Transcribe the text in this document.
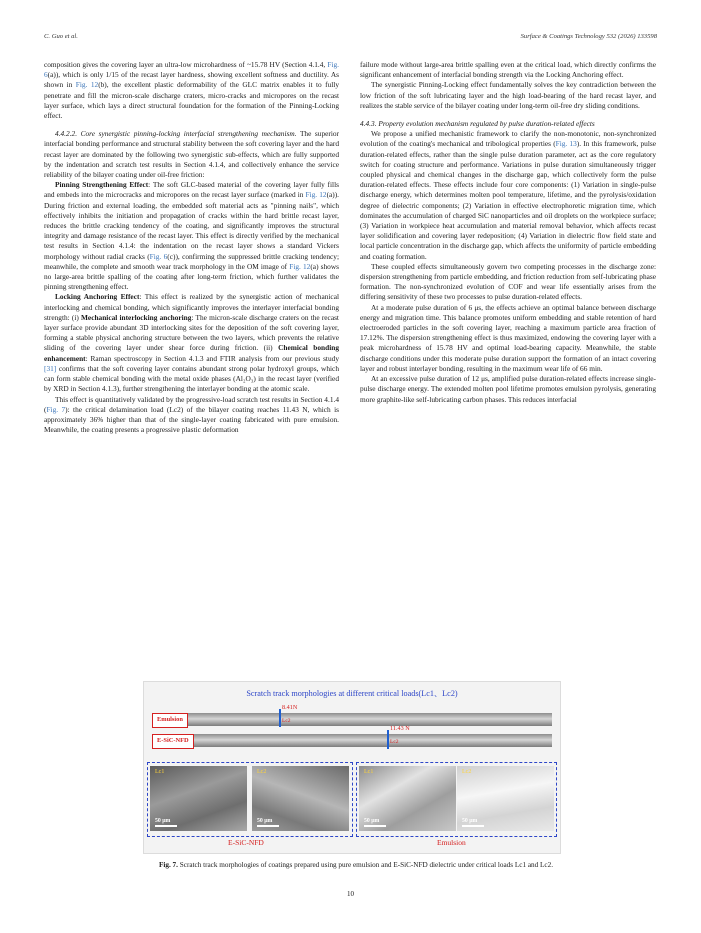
C. Guo et al.	Surface & Coatings Technology 532 (2026) 133598

composition gives the covering layer an ultra-low microhardness of ~15.78 HV (Section 4.1.4, Fig. 6(a)), which is only 1/15 of the recast layer hardness, showing excellent softness and ductility. As shown in Fig. 12(b), the excellent plastic deformability of the GLC matrix enables it to fully penetrate and fill the micron-scale discharge craters, micro-cracks and micropores on the recast layer surface, which lays a direct structural foundation for the formation of the Pinning-Locking effect.

4.4.2.2. Core synergistic pinning-locking interfacial strengthening mechanism. The superior interfacial bonding performance and structural stability between the soft covering layer and the hard recast layer are dominated by the following two synergistic sub-effects, which are fully supported by the indentation and scratch test results in Section 4.1.4, and collectively enhance the service reliability of the bilayer coating under oil-free friction:

Pinning Strengthening Effect: The soft GLC-based material of the covering layer fully fills and embeds into the microcracks and micropores on the recast layer surface (marked in Fig. 12(a)). During friction and external loading, the embedded soft material acts as "pinning nails", which effectively inhibits the initiation and propagation of cracks within the hard brittle recast layer, reduces the brittle cracking tendency of the coating, and significantly improves the structural integrity and damage resistance of the recast layer. This effect is directly verified by the mechanical test results in Section 4.1.4: the indentation on the recast layer shows a standard Vickers morphology without radial cracks (Fig. 6(c)), confirming the suppressed brittle cracking tendency; meanwhile, the complete and smooth wear track morphology in the OM image of Fig. 12(a) shows no large-area brittle spalling of the coating after long-term friction, which further validates the pinning strengthening effect.

Locking Anchoring Effect: This effect is realized by the synergistic action of mechanical interlocking and chemical bonding, which significantly improves the interlayer interfacial bonding strength: (i) Mechanical interlocking anchoring: The micron-scale discharge craters on the recast layer surface provide abundant 3D interlocking sites for the deposition of the soft covering layer, forming a stable physical anchoring structure between the two layers, which prevents the relative sliding of the covering layer under shear force during friction. (ii) Chemical bonding enhancement: Raman spectroscopy in Section 4.1.3 and FTIR analysis from our previous study [31] confirms that the soft covering layer contains abundant strong polar hydroxyl groups, which can form stable chemical bonding with the metal oxide phases (Al₂O₃) in the recast layer (verified by XRD in Section 4.1.3), further strengthening the interlayer bonding at the atomic scale.

This effect is quantitatively validated by the progressive-load scratch test results in Section 4.1.4 (Fig. 7): the critical delamination load (Lc2) of the bilayer coating reaches 11.43 N, which is approximately 36% higher than that of the single-layer coating fabricated with pure emulsion. Meanwhile, the coating presents a progressive plastic deformation

failure mode without large-area brittle spalling even at the critical load, which directly confirms the significant enhancement of interfacial bonding strength via the Locking Anchoring effect.

The synergistic Pinning-Locking effect fundamentally solves the key contradiction between the low friction of the soft lubricating layer and the high load-bearing of the hard recast layer, and realizes the stable service of the bilayer coating under long-term oil-free dry sliding conditions.

4.4.3. Property evolution mechanism regulated by pulse duration-related effects

We propose a unified mechanistic framework to clarify the non-monotonic, non-synchronized evolution of the coating's mechanical and tribological properties (Fig. 13). In this framework, pulse duration-related effects, rather than the single pulse duration parameter, act as the core regulatory switch for coating structure and performance. Variations in pulse duration simultaneously trigger coupled physical and chemical changes in the discharge gap, which collectively form the pulse duration-related effects. These effects include four core components: (1) Variation in single-pulse discharge energy, which determines molten pool temperature, lifetime, and the pyrolysis/oxidation degree of dielectric components; (2) Variation in effective electrophoretic migration time, which dominates the accumulation of charged SiC nanoparticles and oil droplets on the workpiece surface; (3) Variation in workpiece heat accumulation and material removal behavior, which affects recast layer solidification and covering layer redeposition; (4) Variation in dielectric flow field state and local particle concentration in the discharge gap, which affects the uniformity of particle embedding and coating formation.

These coupled effects simultaneously govern two competing processes in the discharge zone: dispersion strengthening from particle embedding, and friction reduction from self-lubricating phase formation. The non-synchronized evolution of COF and wear life essentially arises from the differing sensitivity of these two processes to pulse duration-related effects.

At a moderate pulse duration of 6 μs, the effects achieve an optimal balance between discharge energy and migration time. This balance promotes uniform embedding and stable retention of hard electroeroded particles in the soft covering layer, reaching a maximum particle area fraction of 17.12%. The dispersion strengthening effect is thus maximized, endowing the covering layer with a peak microhardness of 15.78 HV and optimal load-bearing capacity. Meanwhile, the stable discharge conditions under this moderate pulse duration support the formation of an intact covering layer and robust interlayer bonding, resulting in the maximum wear life of 66 min.

At an excessive pulse duration of 12 μs, amplified pulse duration-related effects increase single-pulse discharge energy. The extended molten pool lifetime promotes emulsion pyrolysis, generating more graphite-like self-lubricating carbon phases. This reduces interfacial

Scratch track morphologies at different critical loads(Lc1、Lc2)
Emulsion
E-SiC-NFD
8.41N
11.43 N
Lc2
Lc2
Lc1
50 μm
Lc2
50 μm
Lc1
50 μm
Lc2
50 μm
E-SiC-NFD	Emulsion
Fig. 7. Scratch track morphologies of coatings prepared using pure emulsion and E-SiC-NFD dielectric under critical loads Lc1 and Lc2.
10
